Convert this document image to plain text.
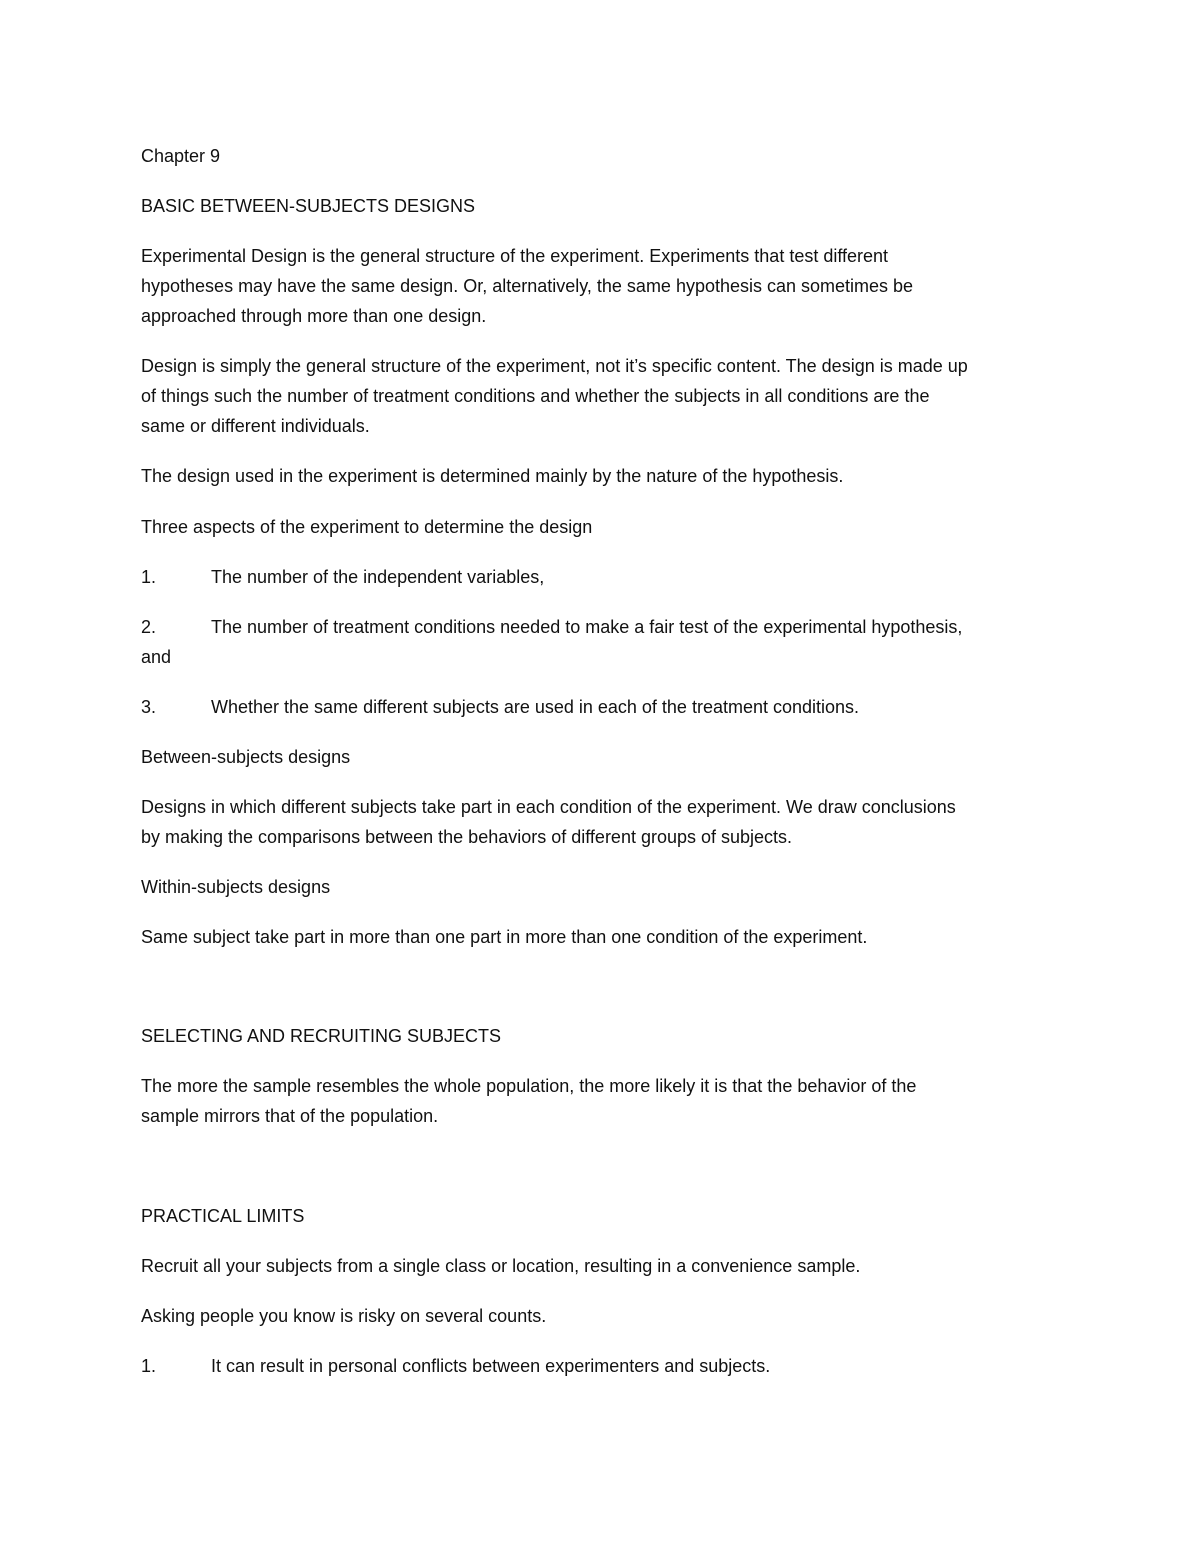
Chapter 9
BASIC BETWEEN-SUBJECTS DESIGNS
Experimental Design is the general structure of the experiment. Experiments that test different
hypotheses may have the same design. Or, alternatively, the same hypothesis can sometimes be
approached through more than one design.
Design is simply the general structure of the experiment, not it’s specific content. The design is made up
of things such the number of treatment conditions and whether the subjects in all conditions are the
same or different individuals.
The design used in the experiment is determined mainly by the nature of the hypothesis.
Three aspects of the experiment to determine the design
1.	The number of the independent variables,
2.	The number of treatment conditions needed to make a fair test of the experimental hypothesis,
and
3.	Whether the same different subjects are used in each of the treatment conditions.
Between-subjects designs
Designs in which different subjects take part in each condition of the experiment. We draw conclusions
by making the comparisons between the behaviors of different groups of subjects.
Within-subjects designs
Same subject take part in more than one part in more than one condition of the experiment.
SELECTING AND RECRUITING SUBJECTS
The more the sample resembles the whole population, the more likely it is that the behavior of the
sample mirrors that of the population.
PRACTICAL LIMITS
Recruit all your subjects from a single class or location, resulting in a convenience sample.
Asking people you know is risky on several counts.
1.	It can result in personal conflicts between experimenters and subjects.
